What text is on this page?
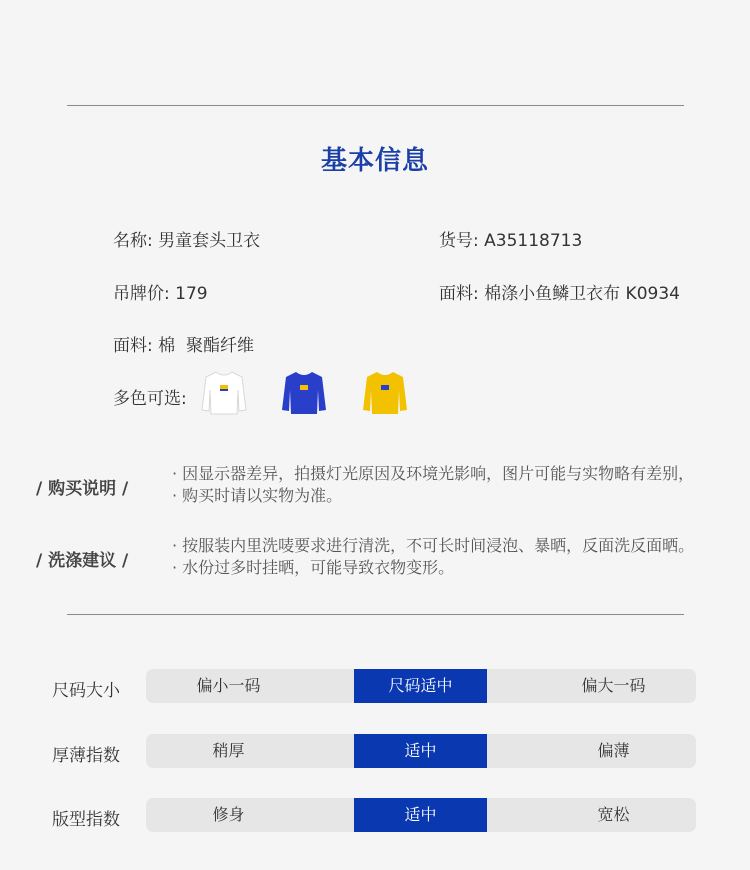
基本信息
名称: 男童套头卫衣	货号: A35118713
吊牌价: 179	面料: 棉涤小鱼鳞卫衣布 K0934
面料: 棉  聚酯纤维
多色可选:
/ 购买说明 /
· 因显示器差异，拍摄灯光原因及环境光影响，图片可能与实物略有差别，
· 购买时请以实物为准。
/ 洗涤建议 /
· 按服装内里洗唛要求进行清洗，不可长时间浸泡、暴晒，反面洗反面晒。
· 水份过多时挂晒，可能导致衣物变形。
尺码大小	偏小一码	尺码适中	偏大一码
厚薄指数	稍厚	适中	偏薄
版型指数	修身	适中	宽松
